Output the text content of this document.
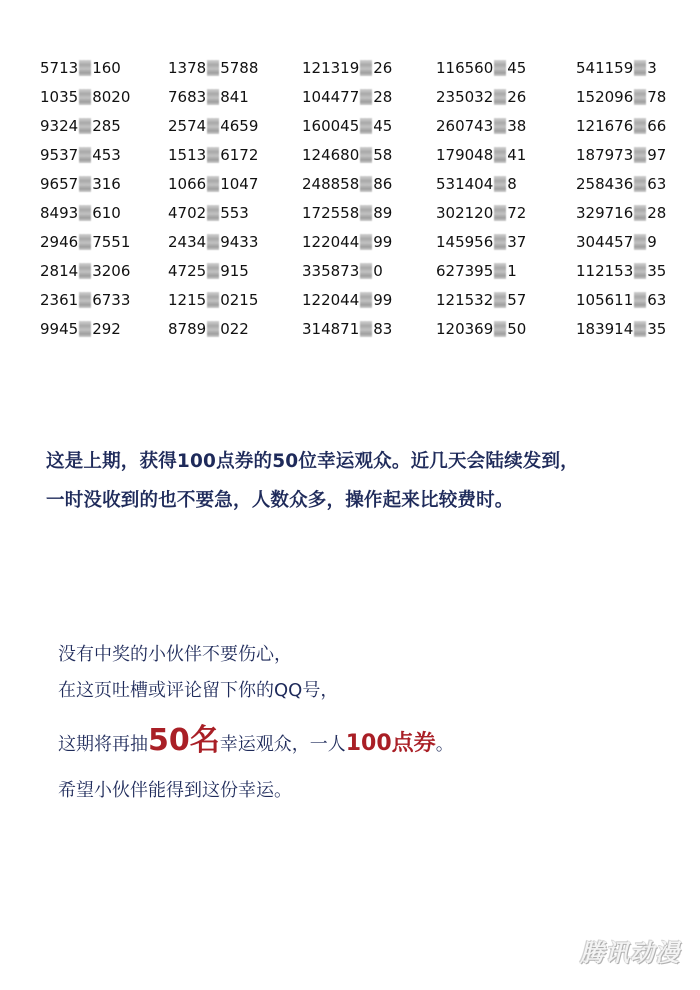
5713 160
1035 8020
9324 285
9537 453
9657 316
8493 610
2946 7551
2814 3206
2361 6733
9945 292
1378 5788
7683 841
2574 4659
1513 6172
1066 1047
4702 553
2434 9433
4725 915
1215 0215
8789 022
121319 26
104477 28
160045 45
124680 58
248858 86
172558 89
122044 99
335873 0
122044 99
314871 83
116560 45
235032 26
260743 38
179048 41
531404 8
302120 72
145956 37
627395 1
121532 57
120369 50
541159 3
152096 78
121676 66
187973 97
258436 63
329716 28
304457 9
112153 35
105611 63
183914 35

这是上期，获得100点券的50位幸运观众。近几天会陆续发到，

一时没收到的也不要急，人数众多，操作起来比较费时。

没有中奖的小伙伴不要伤心，

在这页吐槽或评论留下你的QQ号，

这期将再抽50名幸运观众，一人100点券。

希望小伙伴能得到这份幸运。

腾讯动漫
